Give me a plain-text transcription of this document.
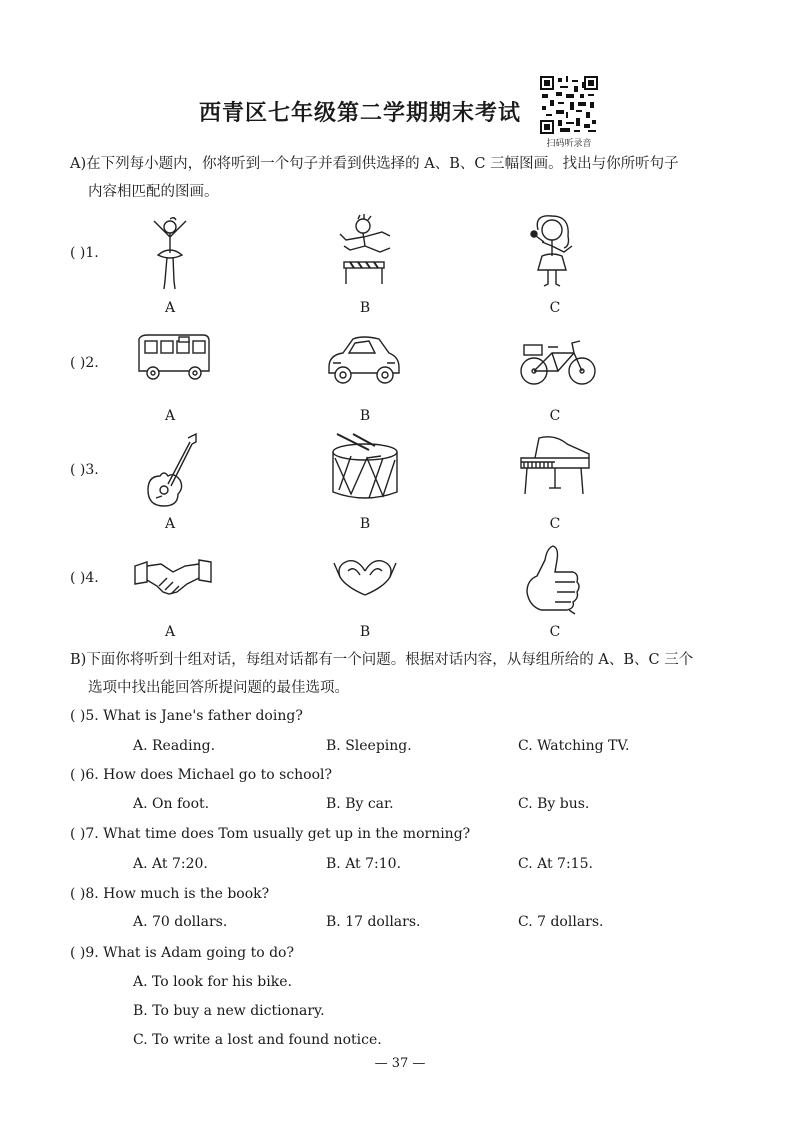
西青区七年级第二学期期末考试
扫码听录音
A)在下列每小题内，你将听到一个句子并看到供选择的 A、B、C 三幅图画。找出与你所听句子
内容相匹配的图画。
( )1.
A	B	C
( )2.
A	B	C
( )3.
A	B	C
( )4.
A	B	C
B)下面你将听到十组对话，每组对话都有一个问题。根据对话内容，从每组所给的 A、B、C 三个
选项中找出能回答所提问题的最佳选项。
( )5. What is Jane's father doing?
A. Reading.	B. Sleeping.	C. Watching TV.
( )6. How does Michael go to school?
A. On foot.	B. By car.	C. By bus.
( )7. What time does Tom usually get up in the morning?
A. At 7:20.	B. At 7:10.	C. At 7:15.
( )8. How much is the book?
A. 70 dollars.	B. 17 dollars.	C. 7 dollars.
( )9. What is Adam going to do?
A. To look for his bike.
B. To buy a new dictionary.
C. To write a lost and found notice.
— 37 —
